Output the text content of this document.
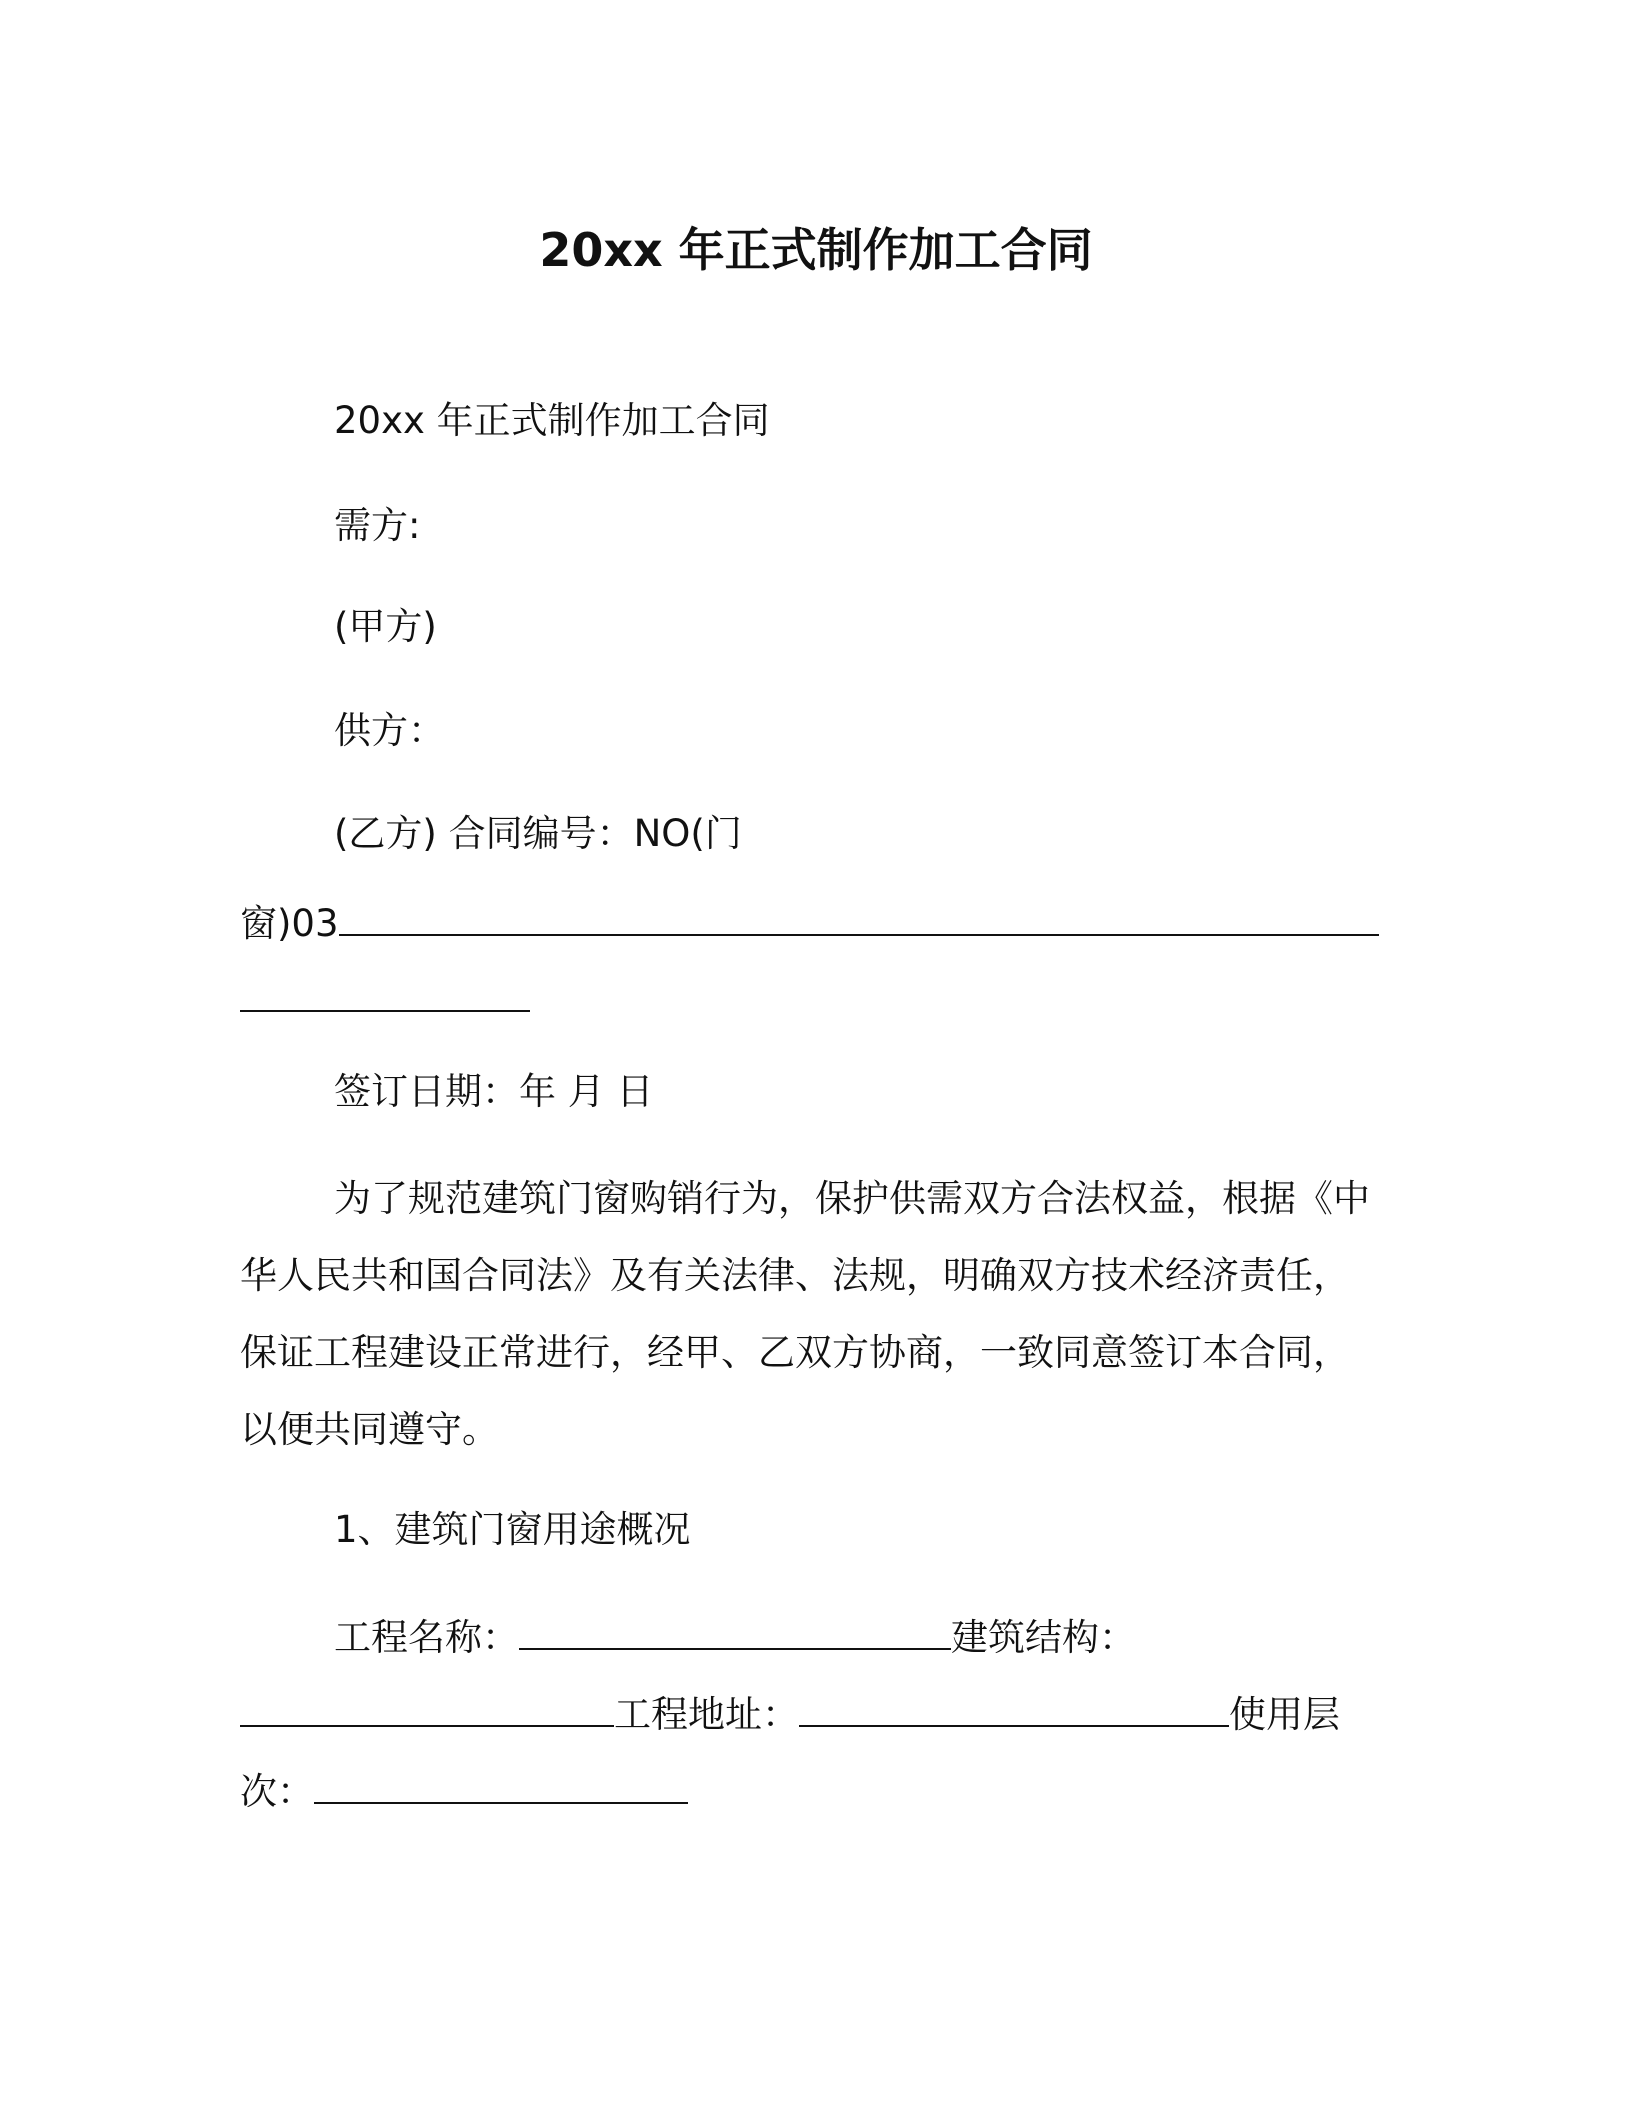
20xx 年正式制作加工合同
20xx 年正式制作加工合同
需方:
(甲方)
供方：
(乙方) 合同编号：NO(门
窗)03
签订日期：年 月 日
为了规范建筑门窗购销行为，保护供需双方合法权益，根据《中
华人民共和国合同法》及有关法律、法规，明确双方技术经济责任，
保证工程建设正常进行，经甲、乙双方协商，一致同意签订本合同，
以便共同遵守。
1、建筑门窗用途概况
工程名称：	建筑结构：
工程地址：	使用层
次：
